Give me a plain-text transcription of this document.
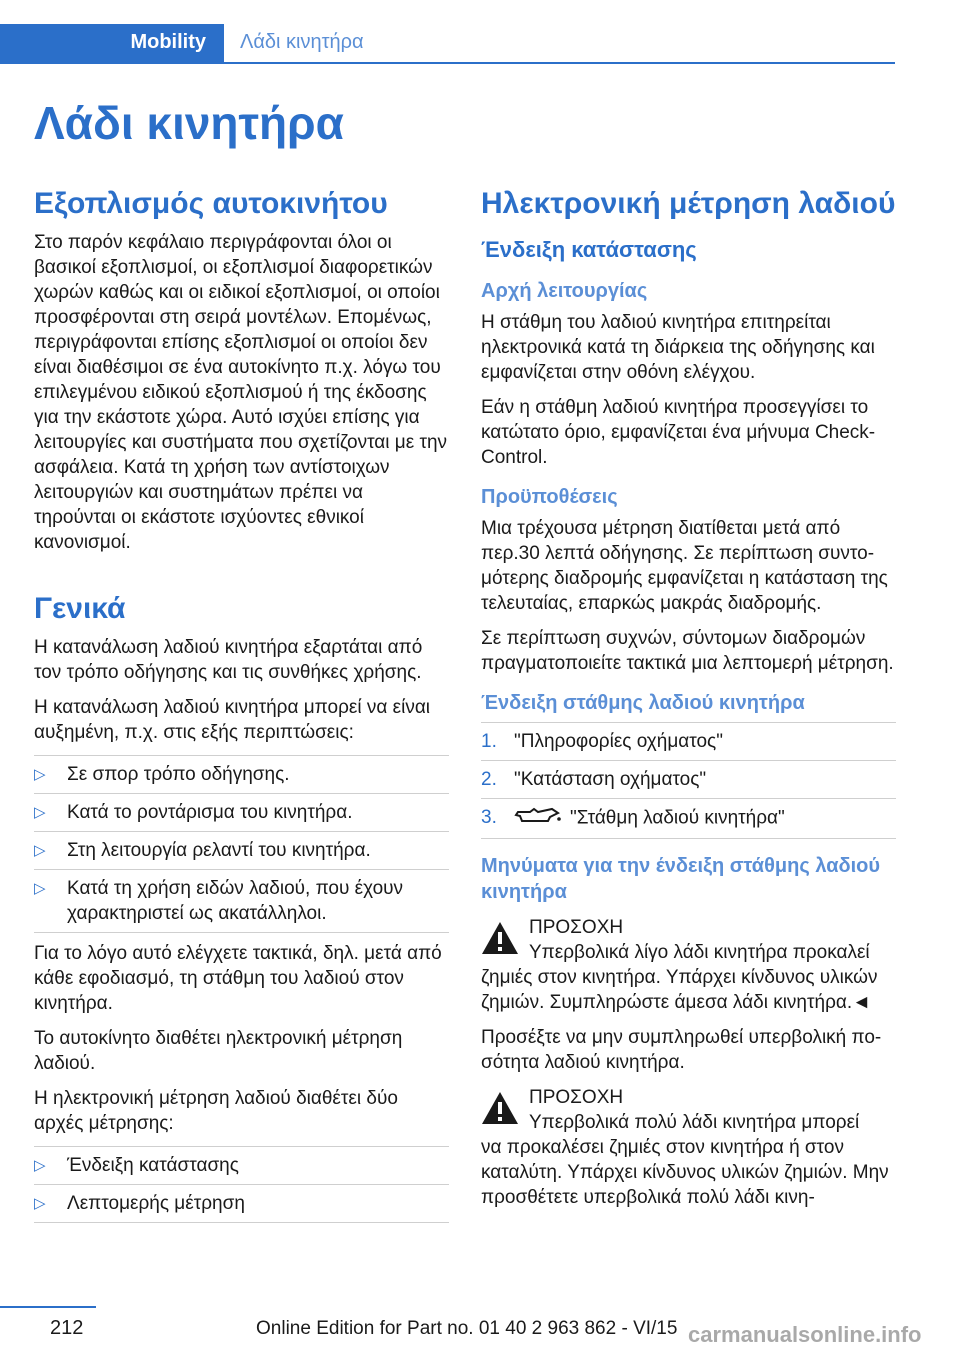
Mobility Λάδι κινητήρα
Λάδι κινητήρα
Εξοπλισμός αυτοκινήτου

Στο παρόν κεφάλαιο περιγράφονται όλοι οι βασικοί εξοπλισμοί, οι εξοπλισμοί διαφορετικών χωρών καθώς και οι ειδικοί εξοπλισμοί, οι οποίοι προσφέρονται στη σειρά μοντέλων. Επομένως, περιγράφονται επίσης εξοπλισμοί οι οποίοι δεν είναι διαθέσιμοι σε ένα αυτοκίνητο π.χ. λόγω του επιλεγμένου ειδικού εξοπλισμού ή της έκδοσης για την εκάστοτε χώρα. Αυτό ισχύει επίσης για λειτουργίες και συστήματα που σχετίζονται με την ασφάλεια. Κατά τη χρήση των αντίστοιχων λειτουργιών και συστημάτων πρέπει να τηρούνται οι εκάστοτε ισχύοντες εθνικοί κανονισμοί.

Γενικά

Η κατανάλωση λαδιού κινητήρα εξαρτάται από τον τρόπο οδήγησης και τις συνθήκες χρήσης.

Η κατανάλωση λαδιού κινητήρα μπορεί να είναι αυξημένη, π.χ. στις εξής περιπτώσεις:

▷ Σε σπορ τρόπο οδήγησης.
▷ Κατά το ροντάρισμα του κινητήρα.
▷ Στη λειτουργία ρελαντί του κινητήρα.
▷ Κατά τη χρήση ειδών λαδιού, που έχουν χαρακτηριστεί ως ακατάλληλοι.

Για το λόγο αυτό ελέγχετε τακτικά, δηλ. μετά από κάθε εφοδιασμό, τη στάθμη του λαδιού στον κινητήρα.

Το αυτοκίνητο διαθέτει ηλεκτρονική μέτρηση λαδιού.

Η ηλεκτρονική μέτρηση λαδιού διαθέτει δύο αρχές μέτρησης:

▷ Ένδειξη κατάστασης
▷ Λεπτομερής μέτρηση
Ηλεκτρονική μέτρηση λαδιού
Ένδειξη κατάστασης
Αρχή λειτουργίας

Η στάθμη του λαδιού κινητήρα επιτηρείται ηλεκτρονικά κατά τη διάρκεια της οδήγησης και εμφανίζεται στην οθόνη ελέγχου.

Εάν η στάθμη λαδιού κινητήρα προσεγγίσει το κατώτατο όριο, εμφανίζεται ένα μήνυμα Check-Control.

Προϋποθέσεις

Μια τρέχουσα μέτρηση διατίθεται μετά από περ.30 λεπτά οδήγησης. Σε περίπτωση συντομότερης διαδρομής εμφανίζεται η κατάσταση της τελευταίας, επαρκώς μακράς διαδρομής.

Σε περίπτωση συχνών, σύντομων διαδρομών πραγματοποιείτε τακτικά μια λεπτομερή μέτρηση.

Ένδειξη στάθμης λαδιού κινητήρα
1. "Πληροφορίες οχήματος"
2. "Κατάσταση οχήματος"
3.	"Στάθμη λαδιού κινητήρα"
Μηνύματα για την ένδειξη στάθμης λαδιού κινητήρα
ΠΡΟΣΟΧΗ
Υπερβολικά λίγο λάδι κινητήρα προκαλεί
ζημιές στον κινητήρα. Υπάρχει κίνδυνος υλικών ζημιών. Συμπληρώστε άμεσα λάδι κινητήρα.◄

Προσέξτε να μην συμπληρωθεί υπερβολική ποσότητα λαδιού κινητήρα.

ΠΡΟΣΟΧΗ
Υπερβολικά πολύ λάδι κινητήρα μπορεί
να προκαλέσει ζημιές στον κινητήρα ή στον καταλύτη. Υπάρχει κίνδυνος υλικών ζημιών. Μην προσθέτετε υπερβολικά πολύ λάδι κινη-
212	Online Edition for Part no. 01 40 2 963 862 - VI/15 carmanualsonline.info
